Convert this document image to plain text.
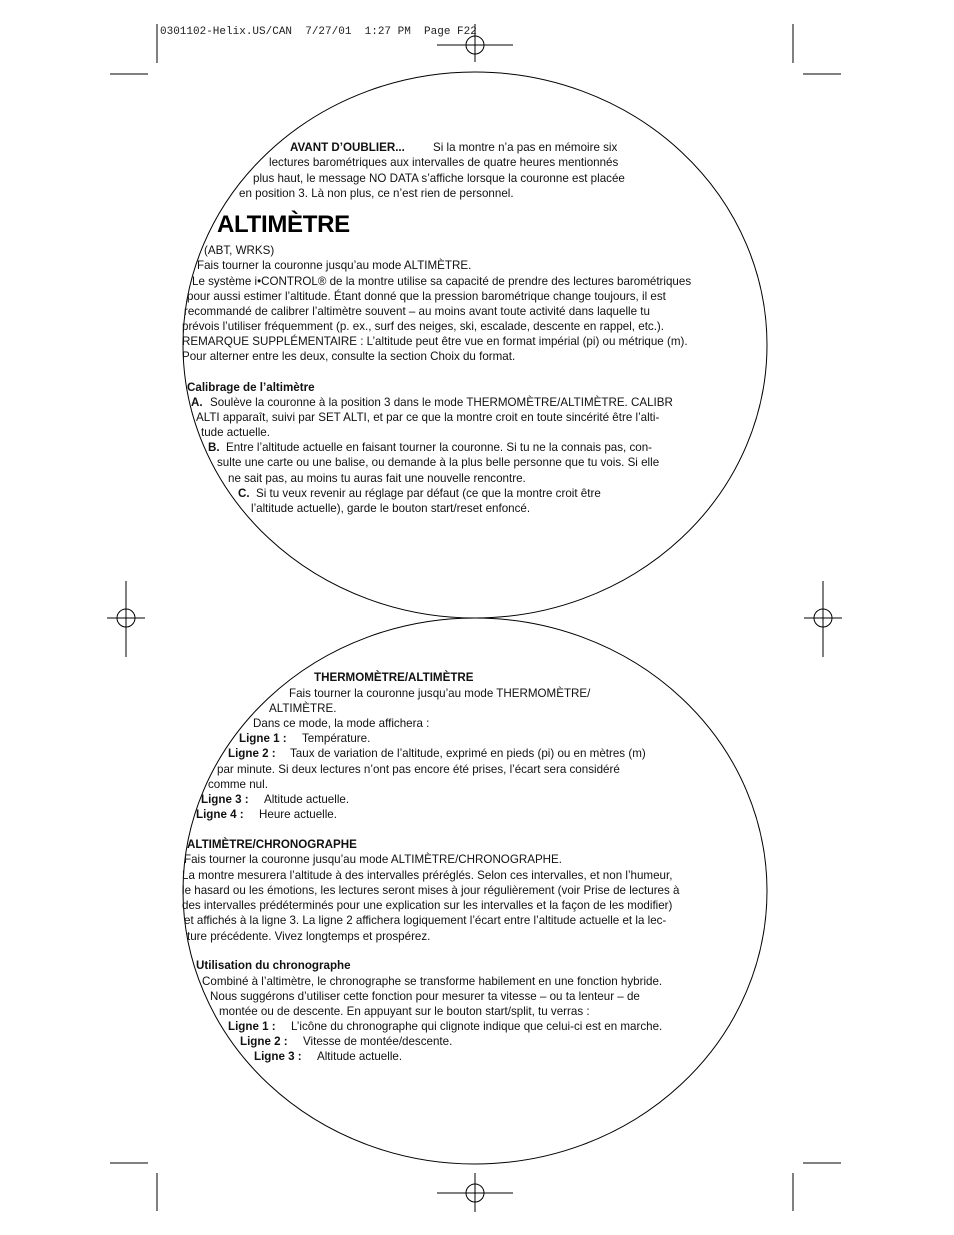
0301102-Helix.US/CAN  7/27/01  1:27 PM  Page F22
AVANT D’OUBLIER... Si la montre n’a pas en mémoire six
lectures barométriques aux intervalles de quatre heures mentionnés
plus haut, le message NO DATA s’affiche lorsque la couronne est placée
en position 3. Là non plus, ce n’est rien de personnel.
ALTIMÈTRE
(ABT, WRKS)
Fais tourner la couronne jusqu’au mode ALTIMÈTRE.
Le système i•CONTROL® de la montre utilise sa capacité de prendre des lectures barométriques
pour aussi estimer l’altitude. Étant donné que la pression barométrique change toujours, il est
recommandé de calibrer l’altimètre souvent – au moins avant toute activité dans laquelle tu
prévois l’utiliser fréquemment (p. ex., surf des neiges, ski, escalade, descente en rappel, etc.).
REMARQUE SUPPLÉMENTAIRE : L’altitude peut être vue en format impérial (pi) ou métrique (m).
Pour alterner entre les deux, consulte la section Choix du format.
Calibrage de l’altimètre
A. Soulève la couronne à la position 3 dans le mode THERMOMÈTRE/ALTIMÈTRE. CALIBR
ALTI apparaît, suivi par SET ALTI, et par ce que la montre croit en toute sincérité être l’alti-
tude actuelle.
B. Entre l’altitude actuelle en faisant tourner la couronne. Si tu ne la connais pas, con-
sulte une carte ou une balise, ou demande à la plus belle personne que tu vois. Si elle
ne sait pas, au moins tu auras fait une nouvelle rencontre.
C. Si tu veux revenir au réglage par défaut (ce que la montre croit être
l’altitude actuelle), garde le bouton start/reset enfoncé.
THERMOMÈTRE/ALTIMÈTRE
Fais tourner la couronne jusqu’au mode THERMOMÈTRE/
ALTIMÈTRE.
Dans ce mode, la mode affichera :
Ligne 1 : Température.
Ligne 2 : Taux de variation de l’altitude, exprimé en pieds (pi) ou en mètres (m)
par minute. Si deux lectures n’ont pas encore été prises, l’écart sera considéré
comme nul.
Ligne 3 : Altitude actuelle.
Ligne 4 : Heure actuelle.
ALTIMÈTRE/CHRONOGRAPHE
Fais tourner la couronne jusqu’au mode ALTIMÈTRE/CHRONOGRAPHE.
La montre mesurera l’altitude à des intervalles préréglés. Selon ces intervalles, et non l’humeur,
le hasard ou les émotions, les lectures seront mises à jour régulièrement (voir Prise de lectures à
des intervalles prédéterminés pour une explication sur les intervalles et la façon de les modifier)
et affichés à la ligne 3. La ligne 2 affichera logiquement l’écart entre l’altitude actuelle et la lec-
ture précédente. Vivez longtemps et prospérez.
Utilisation du chronographe
Combiné à l’altimètre, le chronographe se transforme habilement en une fonction hybride.
Nous suggérons d’utiliser cette fonction pour mesurer ta vitesse – ou ta lenteur – de
montée ou de descente. En appuyant sur le bouton start/split, tu verras :
Ligne 1 : L’icône du chronographe qui clignote indique que celui-ci est en marche.
Ligne 2 : Vitesse de montée/descente.
Ligne 3 : Altitude actuelle.
